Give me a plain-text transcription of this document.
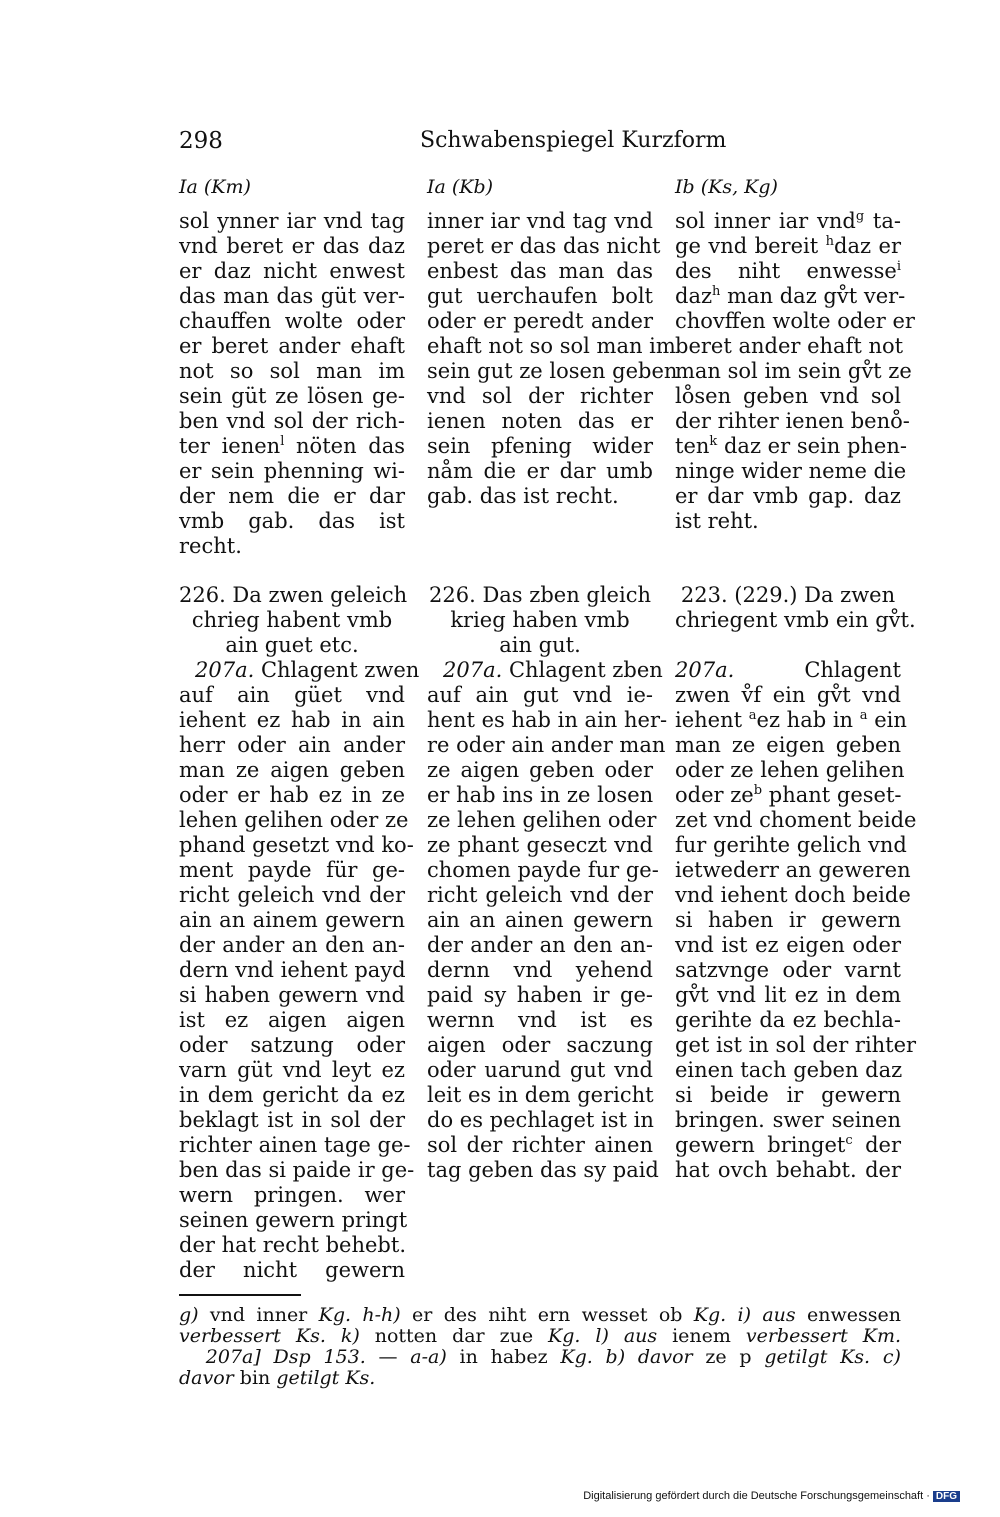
298	Schwabenspiegel Kurzform
Ia (Km)	Ia (Kb)	Ib (Ks, Kg)
sol ynner iar vnd tag
vnd beret er das daz
er daz nicht enwest
das man das güt ver-
chauffen wolte oder
er beret ander ehaft
not so sol man im
sein güt ze lösen ge-
ben vnd sol der rich-
ter ienen$^l$ nöten das
er sein phenning wi-
der nem die er dar
vmb gab. das ist
recht.
inner iar vnd tag vnd
peret er das das nicht
enbest das man das
gut uerchaufen bolt
oder er peredt ander
ehaft not so sol man im
sein gut ze losen geben
vnd sol der richter
ienen noten das er
sein pfening wider
nåm die er dar umb
gab. das ist recht.
sol inner iar vnd$^g$ ta-
ge vnd bereit $^h$daz er
des niht enwesse$^i$
daz$^h$ man daz gv̊t ver-
chovffen wolte oder er
beret ander ehaft not
man sol im sein gv̊t ze
lo̊sen geben vnd sol
der rihter ienen beno̊-
ten$^k$ daz er sein phen-
ninge wider neme die
er dar vmb gap. daz
ist reht.
226. Da zwen geleich
chrieg habent vmb
ain guet etc.
207a. Chlagent zwen
auf ain güet vnd
iehent ez hab in ain
herr oder ain ander
man ze aigen geben
oder er hab ez in ze
lehen gelihen oder ze
phand gesetzt vnd ko-
ment payde für ge-
richt geleich vnd der
ain an ainem gewern
der ander an den an-
dern vnd iehent payd
si haben gewern vnd
ist ez aigen aigen
oder satzung oder
varn güt vnd leyt ez
in dem gericht da ez
beklagt ist in sol der
richter ainen tage ge-
ben das si paide ir ge-
wern pringen. wer
seinen gewern pringt
der hat recht behebt.
der nicht gewern
226. Das zben gleich
krieg haben vmb
ain gut.
207a. Chlagent zben
auf ain gut vnd ie-
hent es hab in ain her-
re oder ain ander man
ze aigen geben oder
er hab ins in ze losen
ze lehen gelihen oder
ze phant geseczt vnd
chomen payde fur ge-
richt geleich vnd der
ain an ainen gewern
der ander an den an-
dernn vnd yehend
paid sy haben ir ge-
wernn vnd ist es
aigen oder saczung
oder uarund gut vnd
leit es in dem gericht
do es pechlaget ist in
sol der richter ainen
tag geben das sy paid
223. (229.) Da zwen
chriegent vmb ein gv̊t.
207a.	Chlagent
zwen v̊f ein gv̊t vnd
iehent $^a$ez hab in $^a$ ein
man ze eigen geben
oder ze lehen gelihen
oder $ze^b$ phant geset-
zet vnd choment beide
fur gerihte gelich vnd
ietwederr an geweren
vnd iehent doch beide
si haben ir gewern
vnd ist ez eigen oder
satzvnge oder varnt
gv̊t vnd lit ez in dem
gerihte da ez bechla-
get ist in sol der rihter
einen tach geben daz
si beide ir gewern
bringen. swer seinen
gewern bringet$^c$ der
hat ovch behabt. der
g) vnd inner Kg. h-h) er des niht ern wesset ob Kg. i) aus enwessen
verbessert Ks. k) notten dar zue Kg. l) aus ienem verbessert Km.
207a] Dsp 153. — a-a) in habez Kg. b) davor ze p getilgt Ks. c)
davor bin getilgt Ks.
Digitalisierung gefördert durch die Deutsche Forschungsgemeinschaft · DFG
